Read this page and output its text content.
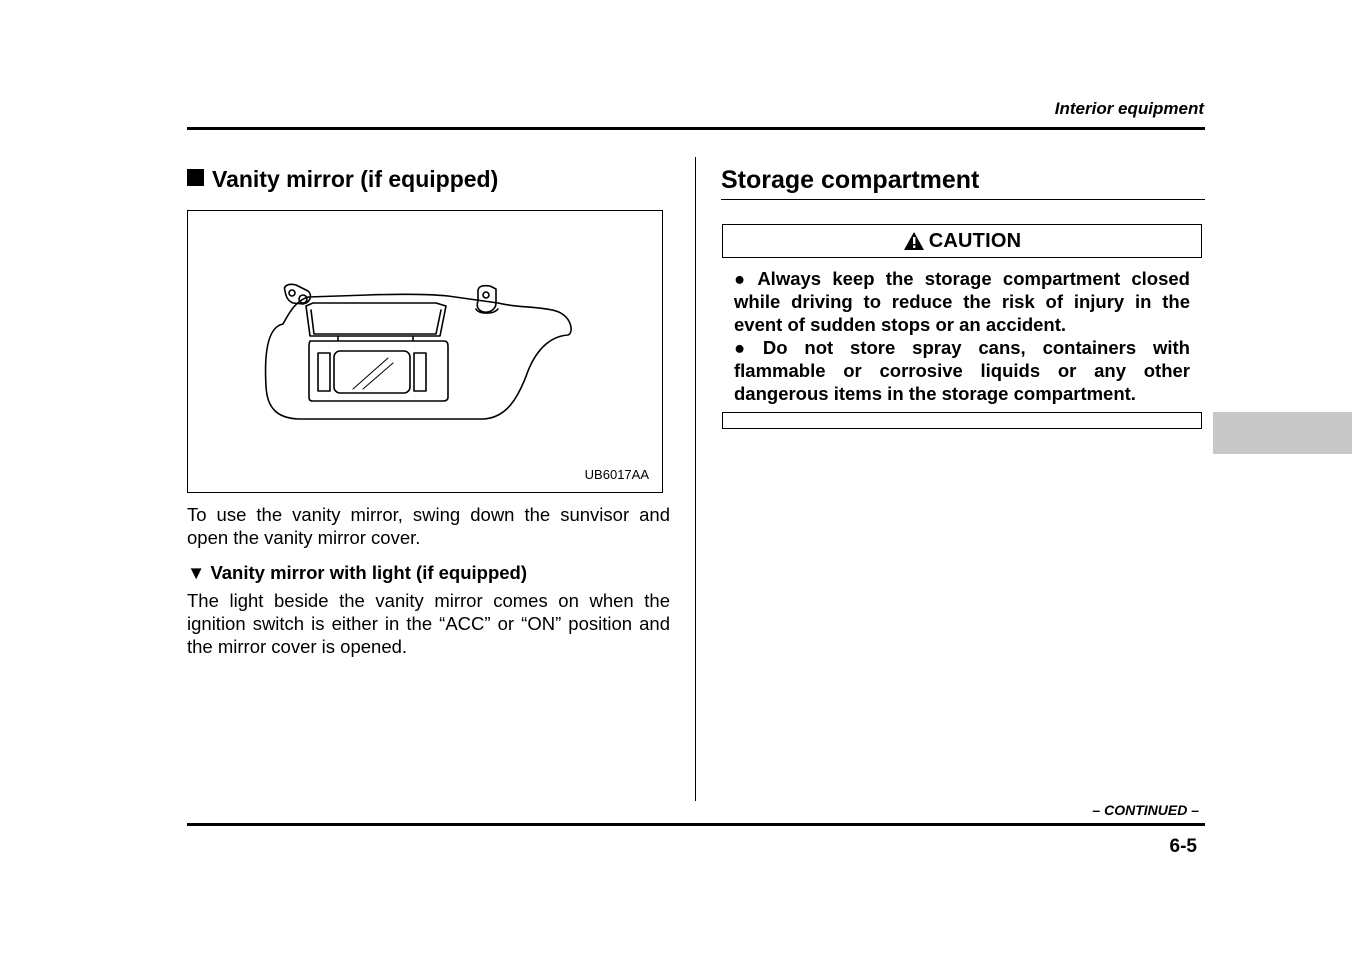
Interior equipment
Vanity mirror (if equipped)
UB6017AA
To use the vanity mirror, swing down the sunvisor and open the vanity mirror cover.
▼ Vanity mirror with light (if equipped)
The light beside the vanity mirror comes on when the ignition switch is either in the “ACC” or “ON” position and the mirror cover is opened.
Storage compartment
CAUTION

● Always keep the storage compartment closed while driving to reduce the risk of injury in the event of sudden stops or an accident.

● Do not store spray cans, containers with flammable or corrosive liquids or any other dangerous items in the storage compartment.

– CONTINUED –
6-5
